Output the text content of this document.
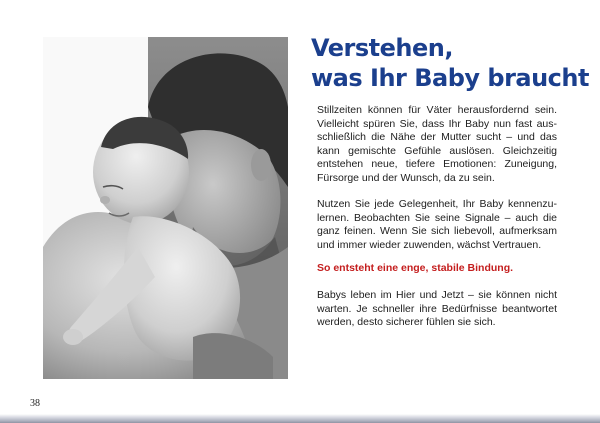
Verstehen,
was Ihr Baby braucht

Stillzeiten können für Väter herausfordernd sein. Vielleicht spüren Sie, dass Ihr Baby nun fast ausschließlich die Nähe der Mutter sucht – und das kann gemischte Gefühle auslösen. Gleichzeitig entstehen neue, tiefere Emotionen: Zuneigung, Fürsorge und der Wunsch, da zu sein.

Nutzen Sie jede Gelegenheit, Ihr Baby kennenzulernen. Beobachten Sie seine Signale – auch die ganz feinen. Wenn Sie sich liebevoll, aufmerksam und immer wieder zuwenden, wächst Vertrauen.

So entsteht eine enge, stabile Bindung.

Babys leben im Hier und Jetzt – sie können nicht warten. Je schneller ihre Bedürfnisse beantwortet werden, desto sicherer fühlen sie sich.

38
